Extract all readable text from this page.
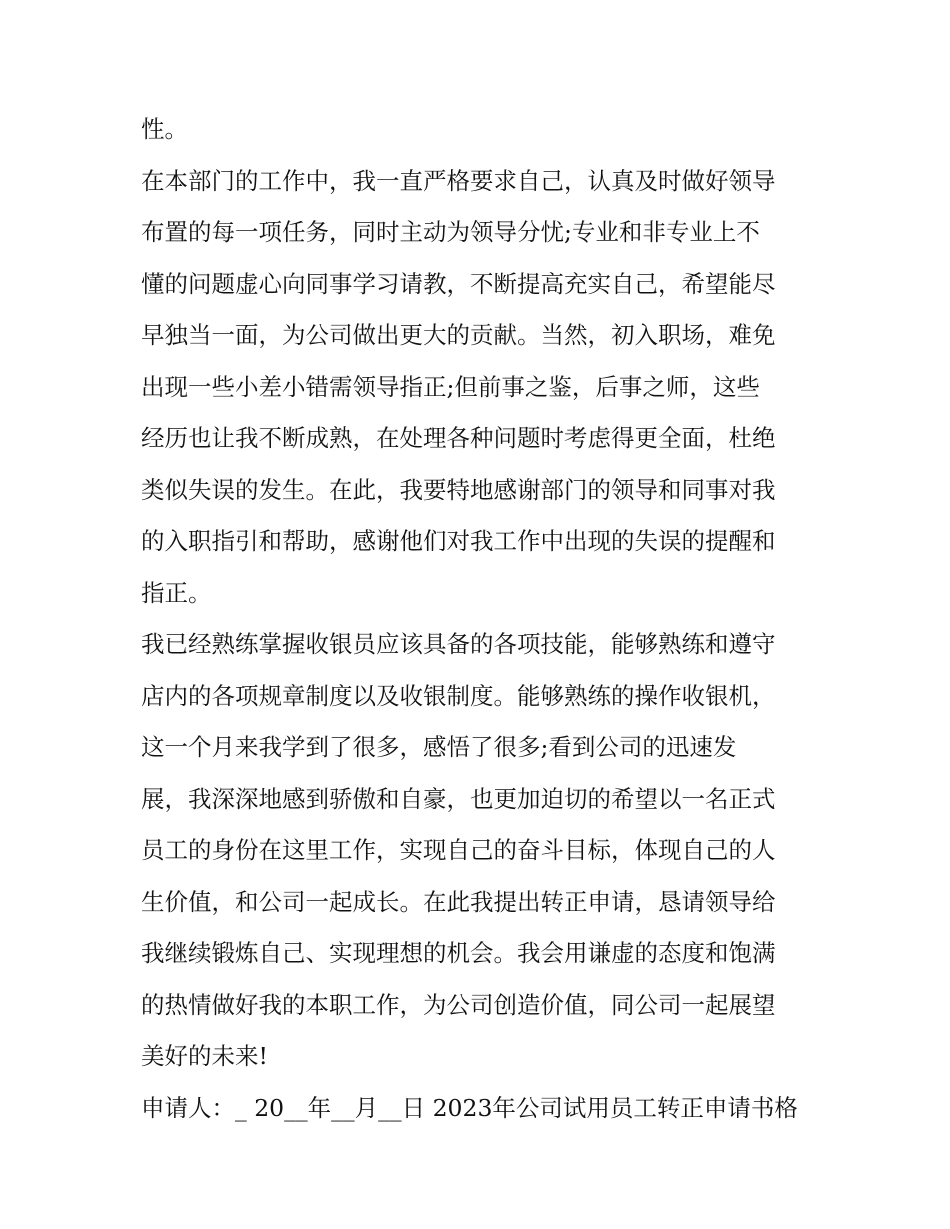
性。
在本部门的工作中，我一直严格要求自己，认真及时做好领导
布置的每一项任务，同时主动为领导分忧;专业和非专业上不
懂的问题虚心向同事学习请教，不断提高充实自己，希望能尽
早独当一面，为公司做出更大的贡献。当然，初入职场，难免
出现一些小差小错需领导指正;但前事之鉴，后事之师，这些
经历也让我不断成熟，在处理各种问题时考虑得更全面，杜绝
类似失误的发生。在此，我要特地感谢部门的领导和同事对我
的入职指引和帮助，感谢他们对我工作中出现的失误的提醒和
指正。
我已经熟练掌握收银员应该具备的各项技能，能够熟练和遵守
店内的各项规章制度以及收银制度。能够熟练的操作收银机，
这一个月来我学到了很多，感悟了很多;看到公司的迅速发
展，我深深地感到骄傲和自豪，也更加迫切的希望以一名正式
员工的身份在这里工作，实现自己的奋斗目标，体现自己的人
生价值，和公司一起成长。在此我提出转正申请，恳请领导给
我继续锻炼自己、实现理想的机会。我会用谦虚的态度和饱满
的热情做好我的本职工作，为公司创造价值，同公司一起展望
美好的未来!
申请人：_ 20__年__月__日 2023年公司试用员工转正申请书格
